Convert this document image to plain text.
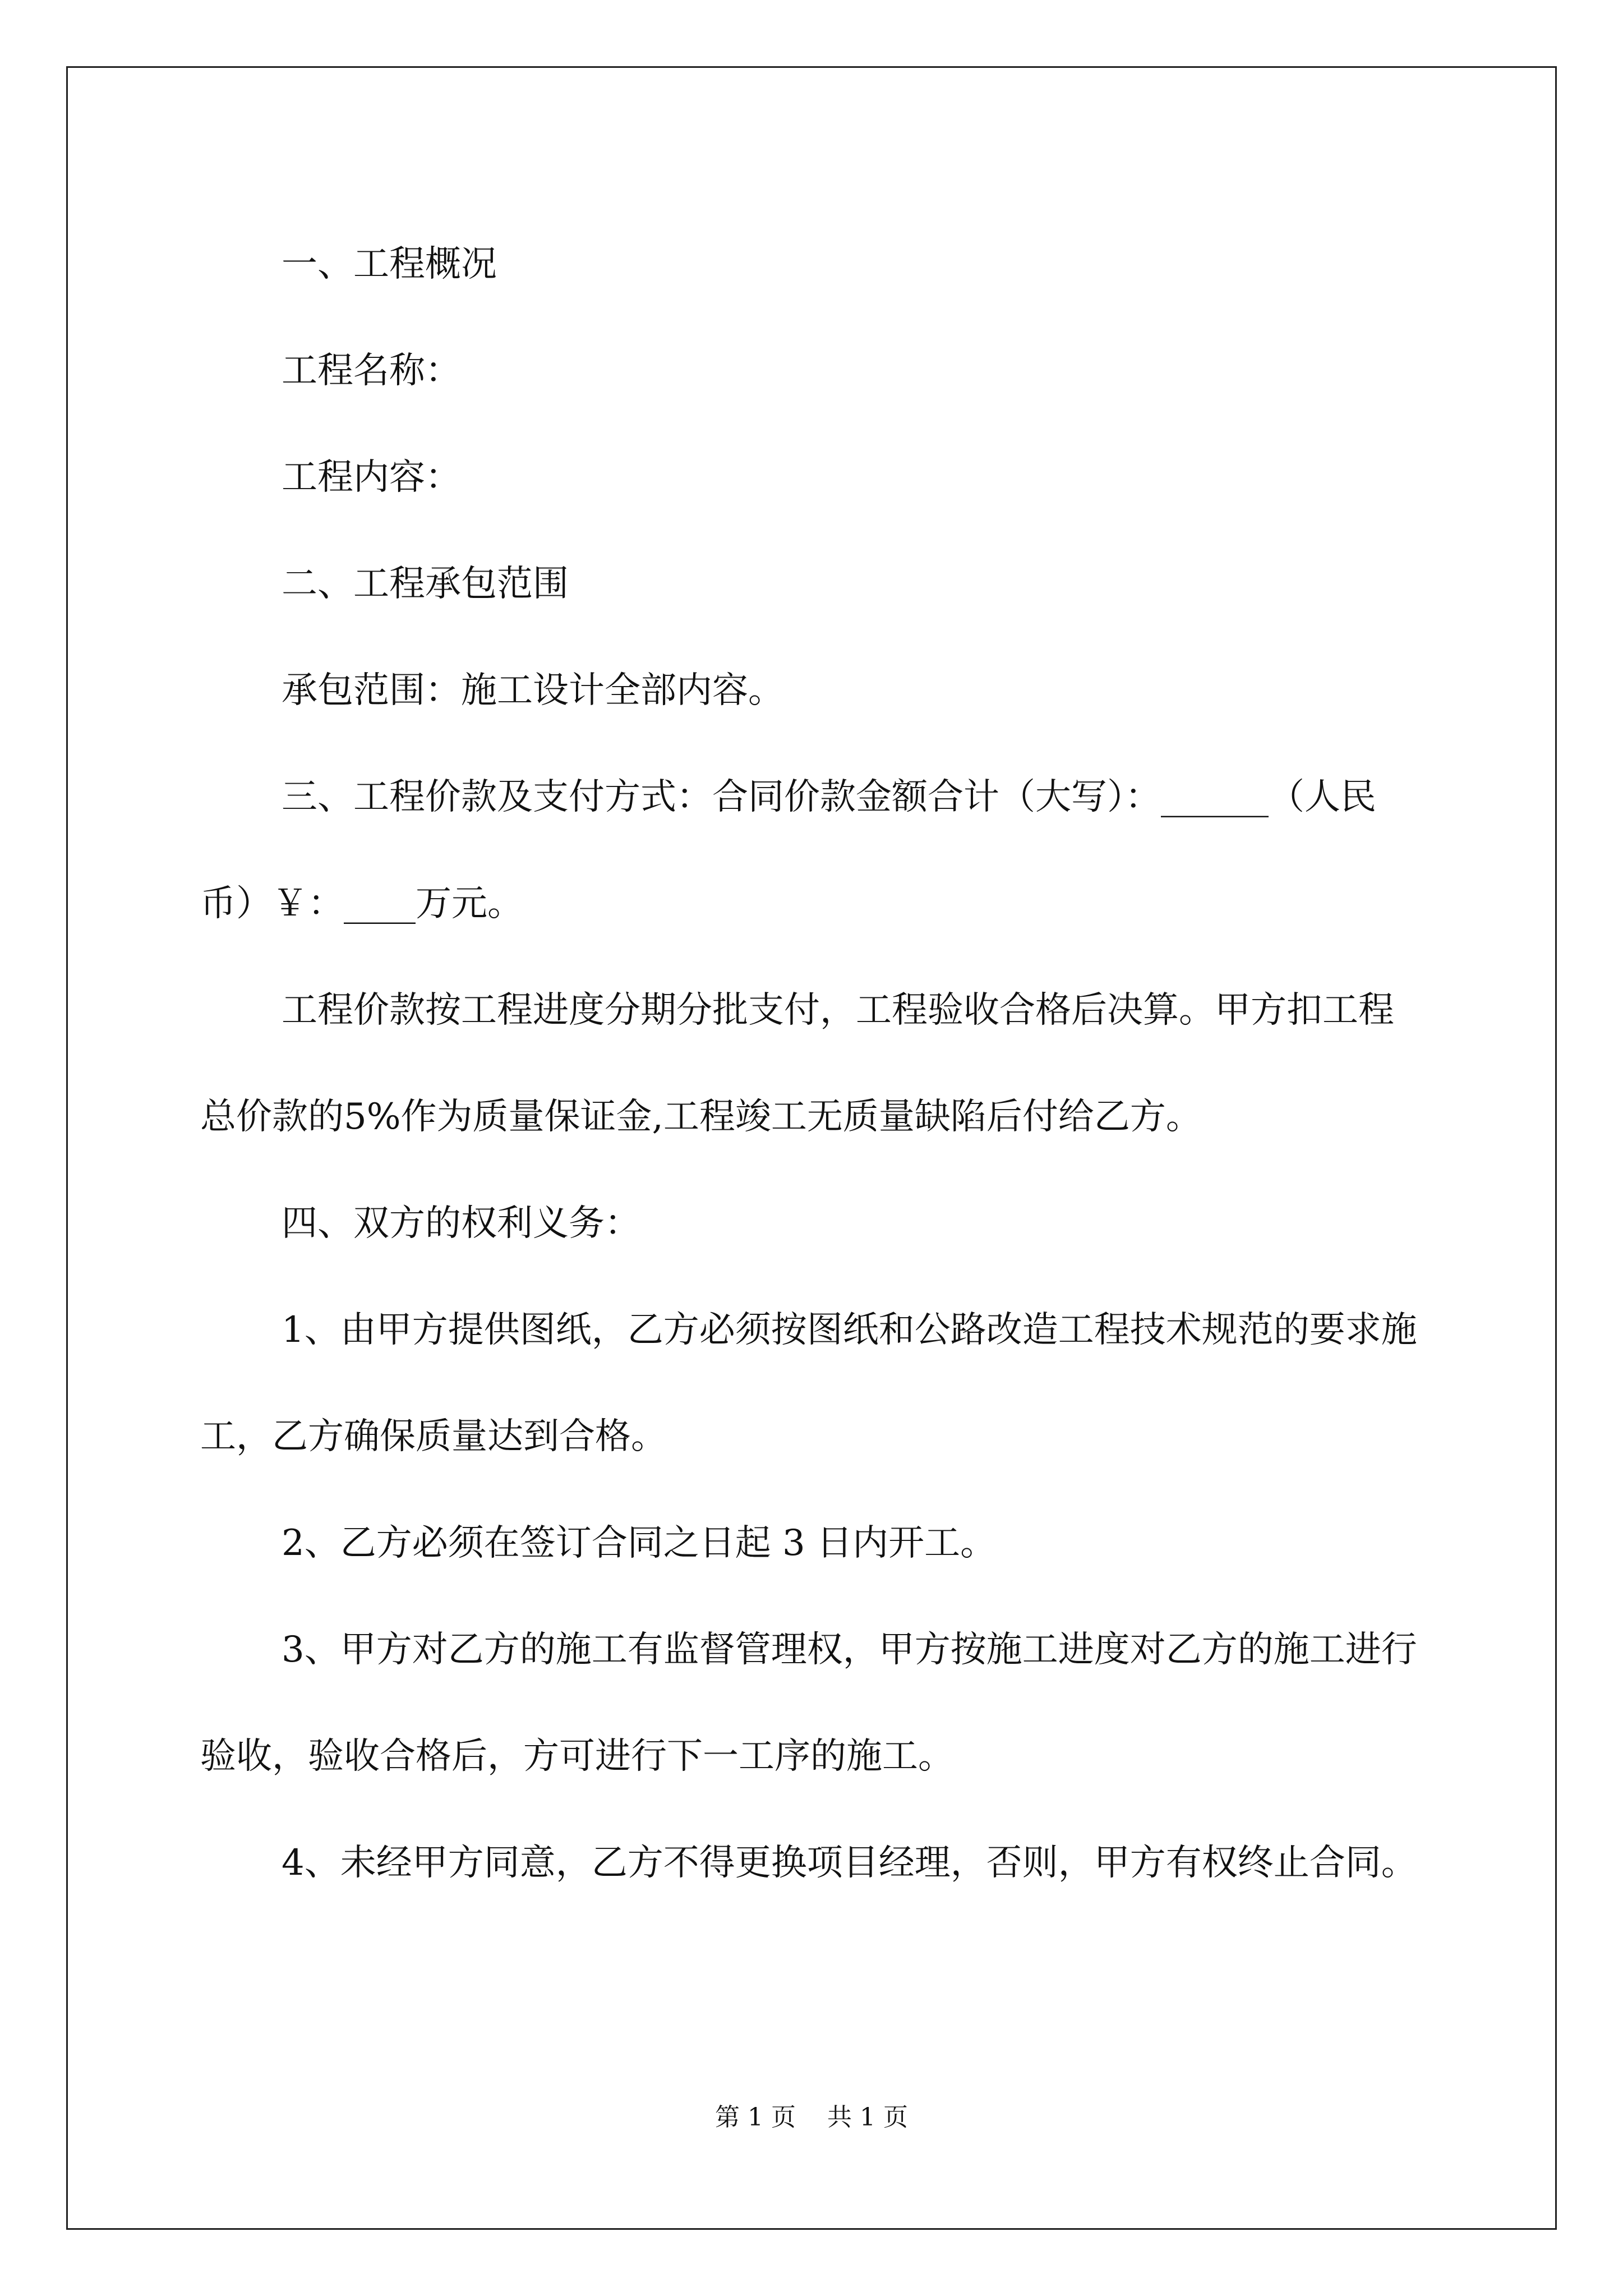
一、工程概况

工程名称：

工程内容：

二、工程承包范围

承包范围：施工设计全部内容。

三、工程价款及支付方式：合同价款金额合计（大写）：______（人民币）￥：____万元。

工程价款按工程进度分期分批支付，工程验收合格后决算。甲方扣工程总价款的5%作为质量保证金,工程竣工无质量缺陷后付给乙方。

四、双方的权利义务：

1、由甲方提供图纸，乙方必须按图纸和公路改造工程技术规范的要求施工，乙方确保质量达到合格。

2、乙方必须在签订合同之日起 3 日内开工。

3、甲方对乙方的施工有监督管理权，甲方按施工进度对乙方的施工进行验收，验收合格后，方可进行下一工序的施工。

4、未经甲方同意，乙方不得更换项目经理，否则，甲方有权终止合同。

第 1 页 共 1 页
